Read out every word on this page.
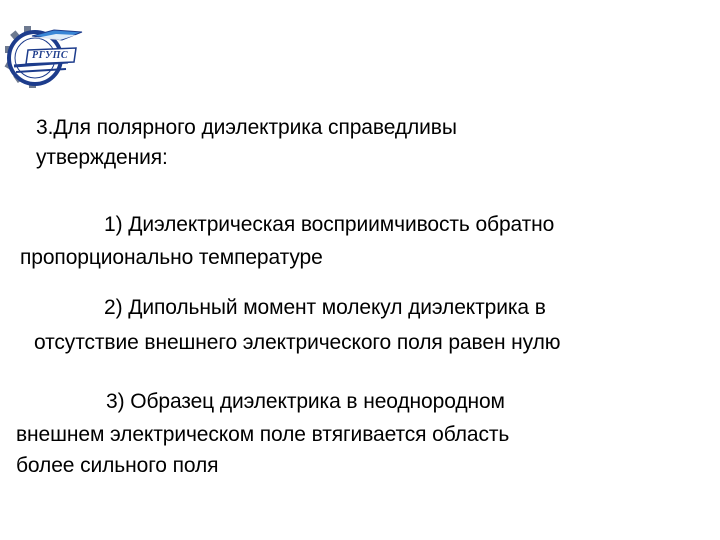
РГУПС
3.Для полярного диэлектрика справедливы
утверждения:
1) Диэлектрическая восприимчивость обратно
пропорционально температуре
2) Дипольный момент молекул диэлектрика в
отсутствие внешнего электрического поля равен нулю
3) Образец диэлектрика в неоднородном
внешнем электрическом поле втягивается область
более сильного поля
